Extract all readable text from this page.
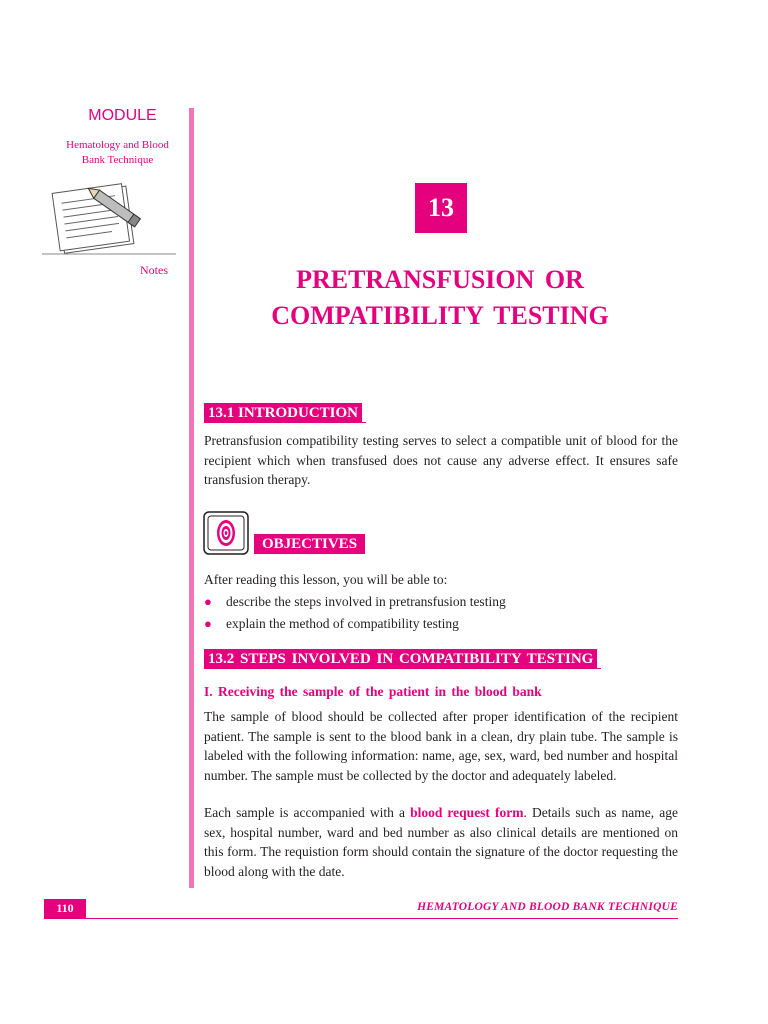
MODULE
Hematology and Blood
Bank Technique
Notes
13
PRETRANSFUSION OR
COMPATIBILITY TESTING
13.1 INTRODUCTION
Pretransfusion compatibility testing serves to select a compatible unit of blood for the recipient which when transfused does not cause any adverse effect. It ensures safe transfusion therapy.
OBJECTIVES
After reading this lesson, you will be able to:
● describe the steps involved in pretransfusion testing
● explain the method of compatibility testing
13.2 STEPS INVOLVED IN COMPATIBILITY TESTING
I. Receiving the sample of the patient in the blood bank
The sample of blood should be collected after proper identification of the recipient patient. The sample is sent to the blood bank in a clean, dry plain tube. The sample is labeled with the following information: name, age, sex, ward, bed number and hospital number. The sample must be collected by the doctor and adequately labeled.
Each sample is accompanied with a blood request form. Details such as name, age sex, hospital number, ward and bed number as also clinical details are mentioned on this form. The requistion form should contain the signature of the doctor requesting the blood along with the date.
110	HEMATOLOGY AND BLOOD BANK TECHNIQUE
